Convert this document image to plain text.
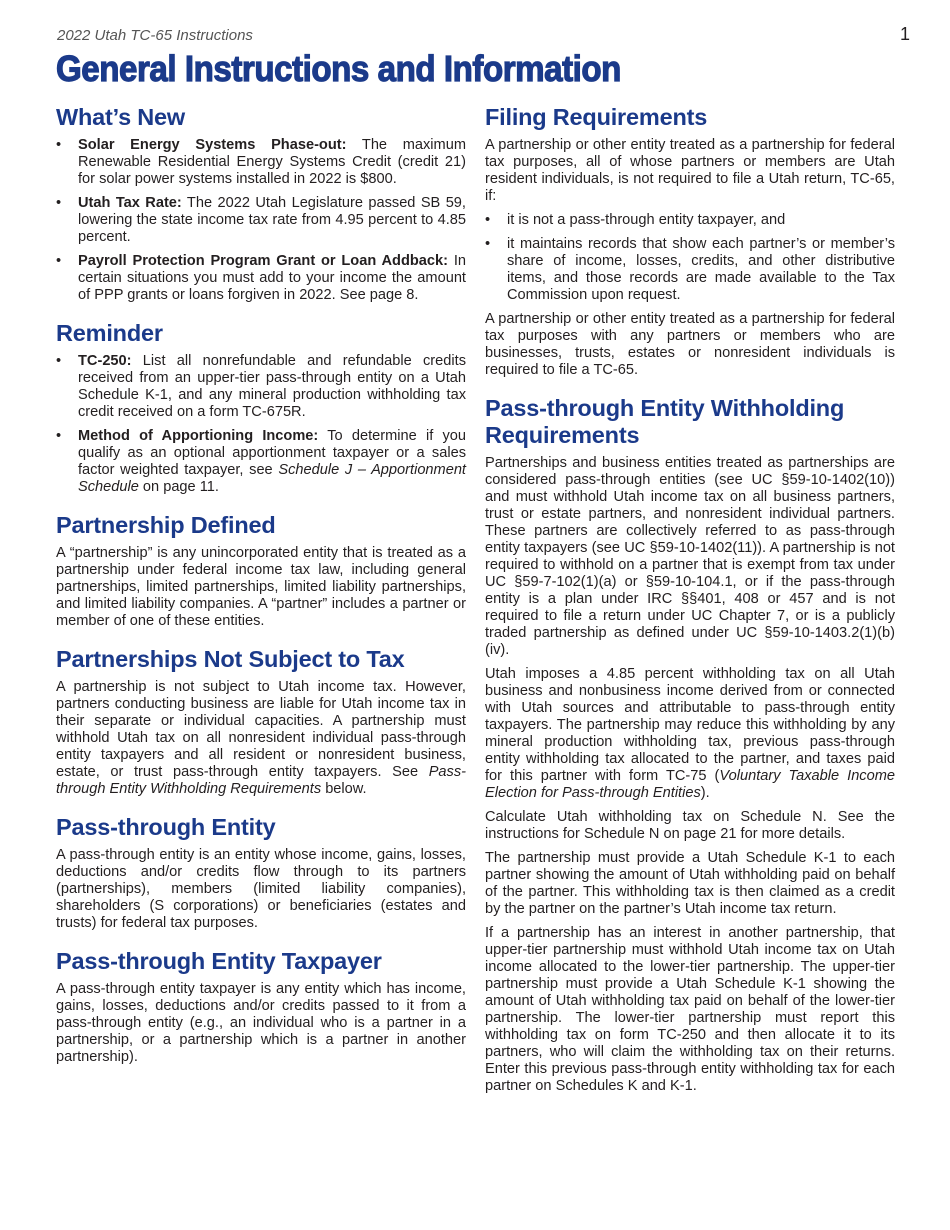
2022 Utah TC-65 Instructions	1
General Instructions and Information
What’s New
• Solar Energy Systems Phase-out: The maximum Renewable Residential Energy Systems Credit (credit 21) for solar power systems installed in 2022 is $800.
• Utah Tax Rate: The 2022 Utah Legislature passed SB 59, lowering the state income tax rate from 4.95 percent to 4.85 percent.
• Payroll Protection Program Grant or Loan Addback: In certain situations you must add to your income the amount of PPP grants or loans forgiven in 2022. See page 8.
Reminder
• TC-250: List all nonrefundable and refundable credits received from an upper-tier pass-through entity on a Utah Schedule K-1, and any mineral production withholding tax credit received on a form TC-675R.
• Method of Apportioning Income: To determine if you qualify as an optional apportionment taxpayer or a sales factor weighted taxpayer, see Schedule J – Apportionment Schedule on page 11.
Partnership Defined

A “partnership” is any unincorporated entity that is treated as a partnership under federal income tax law, including general partnerships, limited partnerships, limited liability partnerships, and limited liability companies. A “partner” includes a partner or member of one of these entities.

Partnerships Not Subject to Tax

A partnership is not subject to Utah income tax. However, partners conducting business are liable for Utah income tax in their separate or individual capacities. A partnership must withhold Utah tax on all nonresident individual pass-through entity taxpayers and all resident or nonresident business, estate, or trust pass-through entity taxpayers. See Pass-through Entity Withholding Requirements below.

Pass-through Entity

A pass-through entity is an entity whose income, gains, losses, deductions and/or credits flow through to its partners (partnerships), members (limited liability companies), shareholders (S corporations) or beneficiaries (estates and trusts) for federal tax purposes.

Pass-through Entity Taxpayer

A pass-through entity taxpayer is any entity which has income, gains, losses, deductions and/or credits passed to it from a pass-through entity (e.g., an individual who is a partner in a partnership, or a partnership which is a partner in another partnership).

Filing Requirements

A partnership or other entity treated as a partnership for federal tax purposes, all of whose partners or members are Utah resident individuals, is not required to file a Utah return, TC-65, if:

• it is not a pass-through entity taxpayer, and
• it maintains records that show each partner’s or member’s share of income, losses, credits, and other distributive items, and those records are made available to the Tax Commission upon request.

A partnership or other entity treated as a partnership for federal tax purposes with any partners or members who are businesses, trusts, estates or nonresident individuals is required to file a TC-65.

Pass-through Entity Withholding Requirements

Partnerships and business entities treated as partnerships are considered pass-through entities (see UC §59-10-1402(10)) and must withhold Utah income tax on all business partners, trust or estate partners, and nonresident individual partners. These partners are collectively referred to as pass-through entity taxpayers (see UC §59-10-1402(11)). A partnership is not required to withhold on a partner that is exempt from tax under UC §59-7-102(1)(a) or §59-10-104.1, or if the pass-through entity is a plan under IRC §§401, 408 or 457 and is not required to file a return under UC Chapter 7, or is a publicly traded partnership as defined under UC §59-10-1403.2(1)(b)(iv).

Utah imposes a 4.85 percent withholding tax on all Utah business and nonbusiness income derived from or connected with Utah sources and attributable to pass-through entity taxpayers. The partnership may reduce this withholding by any mineral production withholding tax, previous pass-through entity withholding tax allocated to the partner, and taxes paid for this partner with form TC-75 (Voluntary Taxable Income Election for Pass-through Entities).

Calculate Utah withholding tax on Schedule N. See the instructions for Schedule N on page 21 for more details.

The partnership must provide a Utah Schedule K-1 to each partner showing the amount of Utah withholding paid on behalf of the partner. This withholding tax is then claimed as a credit by the partner on the partner’s Utah income tax return.

If a partnership has an interest in another partnership, that upper-tier partnership must withhold Utah income tax on Utah income allocated to the lower-tier partnership. The upper-tier partnership must provide a Utah Schedule K-1 showing the amount of Utah withholding tax paid on behalf of the lower-tier partnership. The lower-tier partnership must report this withholding tax on form TC-250 and then allocate it to its partners, who will claim the withholding tax on their returns. Enter this previous pass-through entity withholding tax for each partner on Schedules K and K-1.
